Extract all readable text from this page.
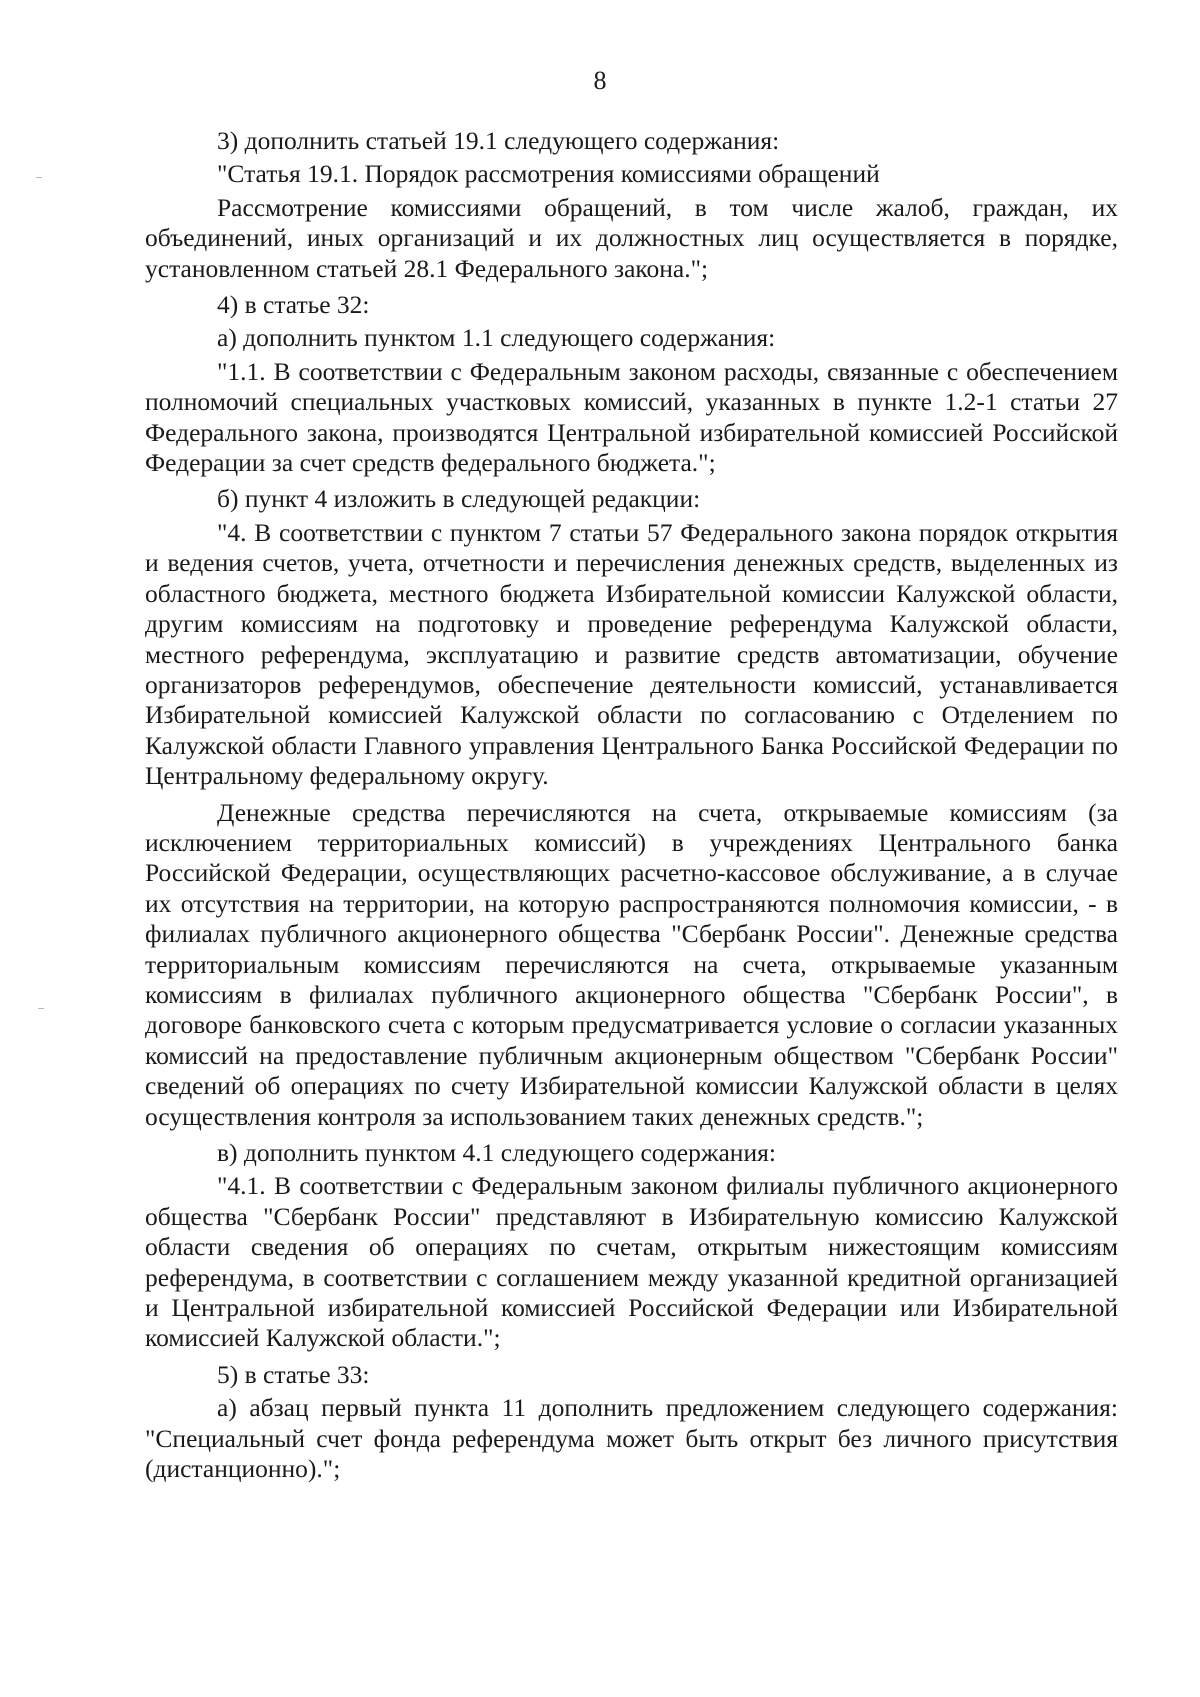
8

3) дополнить статьей 19.1 следующего содержания:

"Статья 19.1. Порядок рассмотрения комиссиями обращений

Рассмотрение комиссиями обращений, в том числе жалоб, граждан, их объединений, иных организаций и их должностных лиц осуществляется в порядке, установленном статьей 28.1 Федерального закона.";

4) в статье 32:

а) дополнить пунктом 1.1 следующего содержания:

"1.1. В соответствии с Федеральным законом расходы, связанные с обеспечением полномочий специальных участковых комиссий, указанных в пункте 1.2-1 статьи 27 Федерального закона, производятся Центральной избирательной комиссией Российской Федерации за счет средств федерального бюджета.";

б) пункт 4 изложить в следующей редакции:

"4. В соответствии с пунктом 7 статьи 57 Федерального закона порядок открытия и ведения счетов, учета, отчетности и перечисления денежных средств, выделенных из областного бюджета, местного бюджета Избирательной комиссии Калужской области, другим комиссиям на подготовку и проведение референдума Калужской области, местного референдума, эксплуатацию и развитие средств автоматизации, обучение организаторов референдумов, обеспечение деятельности комиссий, устанавливается Избирательной комиссией Калужской области по согласованию с Отделением по Калужской области Главного управления Центрального Банка Российской Федерации по Центральному федеральному округу.

Денежные средства перечисляются на счета, открываемые комиссиям (за исключением территориальных комиссий) в учреждениях Центрального банка Российской Федерации, осуществляющих расчетно-кассовое обслуживание, а в случае их отсутствия на территории, на которую распространяются полномочия комиссии, - в филиалах публичного акционерного общества "Сбербанк России". Денежные средства территориальным комиссиям перечисляются на счета, открываемые указанным комиссиям в филиалах публичного акционерного общества "Сбербанк России", в договоре банковского счета с которым предусматривается условие о согласии указанных комиссий на предоставление публичным акционерным обществом "Сбербанк России" сведений об операциях по счету Избирательной комиссии Калужской области в целях осуществления контроля за использованием таких денежных средств.";

в) дополнить пунктом 4.1 следующего содержания:

"4.1. В соответствии с Федеральным законом филиалы публичного акционерного общества "Сбербанк России" представляют в Избирательную комиссию Калужской области сведения об операциях по счетам, открытым нижестоящим комиссиям референдума, в соответствии с соглашением между указанной кредитной организацией и Центральной избирательной комиссией Российской Федерации или Избирательной комиссией Калужской области.";

5) в статье 33:

а) абзац первый пункта 11 дополнить предложением следующего содержания: "Специальный счет фонда референдума может быть открыт без личного присутствия (дистанционно).";
